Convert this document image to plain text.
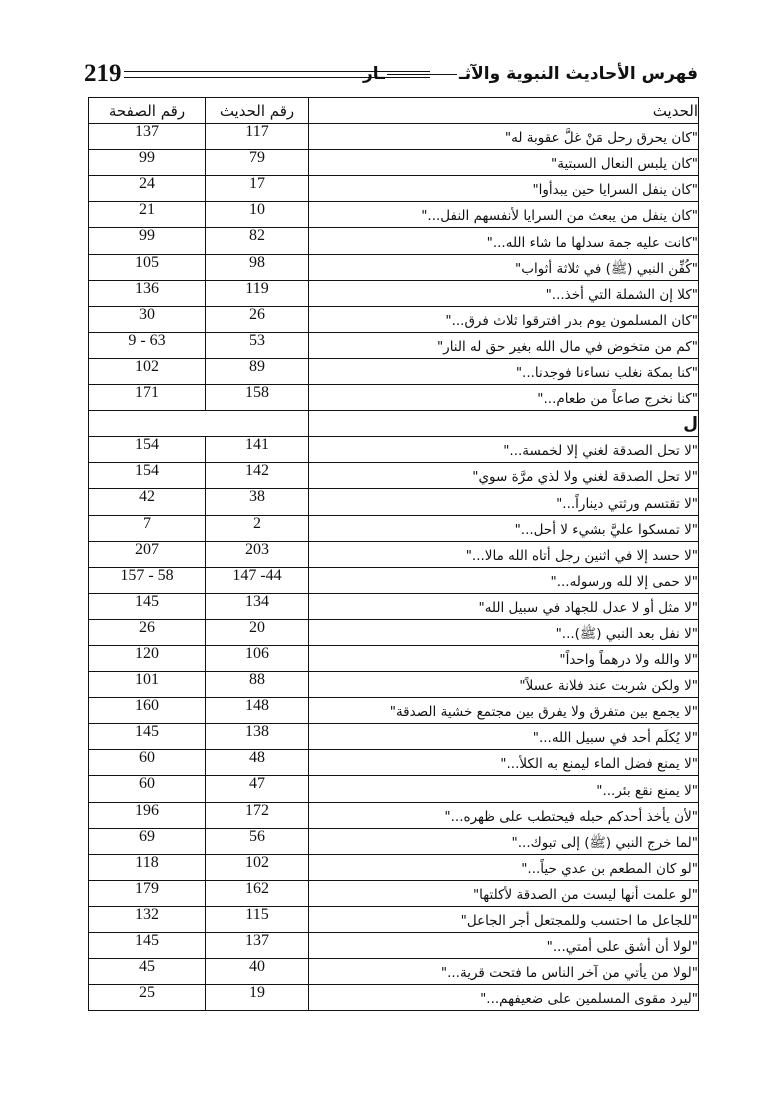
219	فهرس الأحاديث النبوية والآثــار
رقم الصفحة	رقم الحديث	الحديث
137	117	"كان يحرق رحل مَنْ غلَّ عقوبة له"
99	79	"كان يلبس النعال السبتية"
24	17	"كان ينفل السرايا حين يبدأوا"
21	10	"كان ينفل من يبعث من السرايا لأنفسهم النفل..."
99	82	"كانت عليه جمة سدلها ما شاء الله..."
105	98	"كُفِّن النبي (ﷺ) في ثلاثة أثواب"
136	119	"كلا إن الشملة التي أخذ..."
30	26	"كان المسلمون يوم بدر افترقوا ثلاث فرق..."
9 - 63	53	"كم من متخوض في مال الله بغير حق له النار"
102	89	"كنا بمكة نغلب نساءنا فوجدنا..."
171	158	"كنا نخرج صاعاً من طعام..."
		ل
154	141	"لا تحل الصدقة لغني إلا لخمسة..."
154	142	"لا تحل الصدقة لغني ولا لذي مرَّة سوي"
42	38	"لا تقتسم ورثتي ديناراً..."
7	2	"لا تمسكوا عليَّ بشيء لا أحل..."
207	203	"لا حسد إلا في اثنين رجل أتاه الله مالا..."
157 - 58	147 -44	"لا حمى إلا لله ورسوله..."
145	134	"لا مثل أو لا عدل للجهاد في سبيل الله"
26	20	"لا نفل بعد النبي (ﷺ)..."
120	106	"لا والله ولا درهماً واحداً"
101	88	"لا ولكن شربت عند فلانة عسلاً"
160	148	"لا يجمع بين متفرق ولا يفرق بين مجتمع خشية الصدقة"
145	138	"لا يُكلَم أحد في سبيل الله..."
60	48	"لا يمنع فضل الماء ليمنع به الكلأ..."
60	47	"لا يمنع نقع بئر..."
196	172	"لأن يأخذ أحدكم حبله فيحتطب على ظهره..."
69	56	"لما خرج النبي (ﷺ) إلى تبوك..."
118	102	"لو كان المطعم بن عدي حياً..."
179	162	"لو علمت أنها ليست من الصدقة لأكلتها"
132	115	"للجاعل ما احتسب وللمجتعل أجر الجاعل"
145	137	"لولا أن أشق على أمتي..."
45	40	"لولا من يأتي من آخر الناس ما فتحت قرية..."
25	19	"ليرد مقوى المسلمين على ضعيفهم..."
